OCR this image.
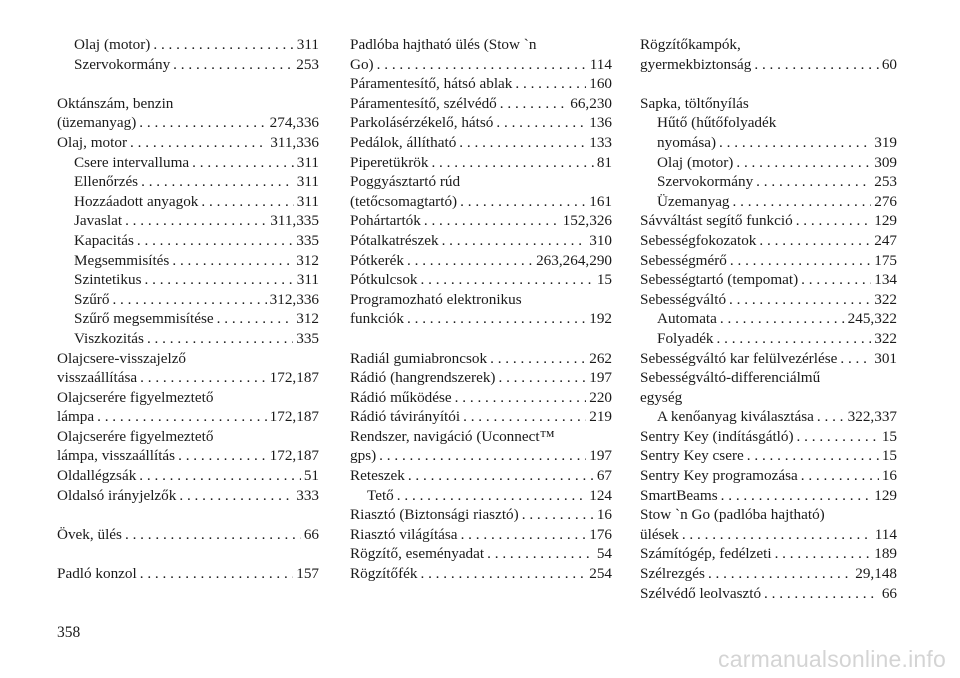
Olaj (motor) . . .	311
Szervokormány . . .	253
Oktánszám, benzin
(üzemanyag) . . .	274,336
Olaj, motor . . .	311,336
Csere intervalluma . . .	311
Ellenőrzés . . .	311
Hozzáadott anyagok . . .	311
Javaslat . . .	311,335
Kapacitás . . .	335
Megsemmisítés . . .	312
Szintetikus . . .	311
Szűrő . . .	312,336
Szűrő megsemmisítése . . .	312
Viszkozitás . . .	335
Olajcsere-visszajelző
visszaállítása . . .	172,187
Olajcserére figyelmeztető
lámpa . . .	172,187
Olajcserére figyelmeztető
lámpa, visszaállítás . . .	172,187
Oldallégzsák . . .	51
Oldalsó irányjelzők . . .	333
Övek, ülés . . .	66
Padló konzol . . .	157
Padlóba hajtható ülés (Stow `n
Go) . . .	114
Páramentesítő, hátsó ablak . . .	160
Páramentesítő, szélvédő . . .	66,230
Parkolásérzékelő, hátsó . . .	136
Pedálok, állítható . . .	133
Piperetükrök . . .	81
Poggyásztartó rúd
(tetőcsomagtartó) . . .	161
Pohártartók . . .	152,326
Pótalkatrészek . . .	310
Pótkerék . . .	263,264,290
Pótkulcsok . . .	15
Programozható elektronikus
funkciók . . .	192
Radiál gumiabroncsok . . .	262
Rádió (hangrendszerek) . . .	197
Rádió működése . . .	220
Rádió távirányítói . . .	219
Rendszer, navigáció (Uconnect™
gps) . . .	197
Reteszek . . .	67
Tető . . .	124
Riasztó (Biztonsági riasztó) . . .	16
Riasztó világítása . . .	176
Rögzítő, eseményadat . . .	54
Rögzítőfék . . .	254
Rögzítőkampók,
gyermekbiztonság . . .	60
Sapka, töltőnyílás
Hűtő (hűtőfolyadék
nyomása) . . .	319
Olaj (motor) . . .	309
Szervokormány . . .	253
Üzemanyag . . .	276
Sávváltást segítő funkció . . .	129
Sebességfokozatok . . .	247
Sebességmérő . . .	175
Sebességtartó (tempomat) . . .	134
Sebességváltó . . .	322
Automata . . .	245,322
Folyadék . . .	322
Sebességváltó kar felülvezérlése . . . 301
Sebességváltó-differenciálmű
egység
A kenőanyag kiválasztása . . . 322,337
Sentry Key (indításgátló) . . .	15
Sentry Key csere . . .	15
Sentry Key programozása . . .	16
SmartBeams . . .	129
Stow `n Go (padlóba hajtható)
ülések . . .	114
Számítógép, fedélzeti . . .	189
Szélrezgés . . .	29,148
Szélvédő leolvasztó . . .	66
358
carmanualsonline.info
